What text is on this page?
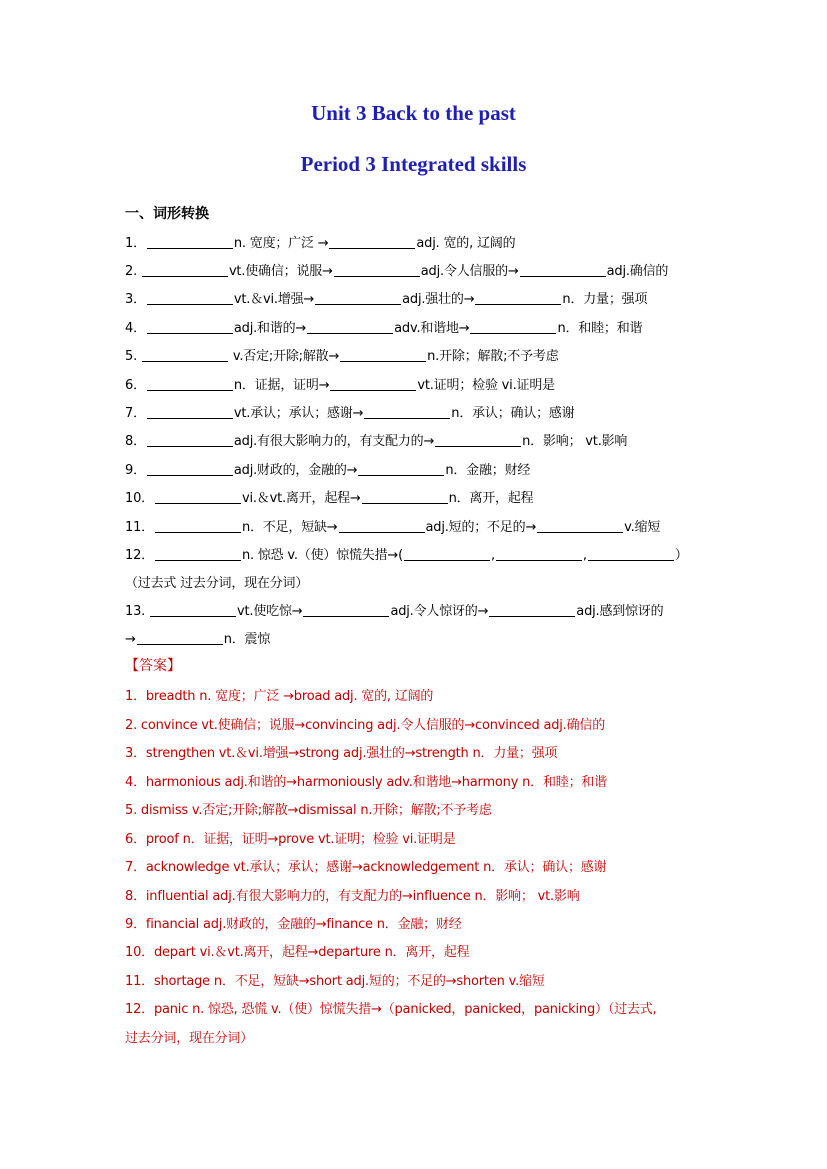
Unit 3 Back to the past
Period 3 Integrated skills
一、词形转换
1．	n. 宽度；广泛 →	adj. 宽的, 辽阔的
2.	vt.使确信；说服→	adj.令人信服的→	adj.确信的
3．	vt.＆vi.增强→	adj.强壮的→	n．力量；强项
4．	adj.和谐的→	adv.和谐地→	n．和睦；和谐
5.	v.否定;开除;解散→	n.开除；解散;不予考虑
6．	n．证据，证明→	vt.证明；检验 vi.证明是
7．	vt.承认；承认；感谢→	n．承认；确认；感谢
8．	adj.有很大影响力的，有支配力的→	n．影响； vt.影响
9．	adj.财政的，金融的→	n．金融；财经
10．	vi.＆vt.离开，起程→	n．离开，起程
11．	n．不足，短缺→	adj.短的；不足的→	v.缩短
12．	n. 惊恐 v.（使）惊慌失措→(	,	,	）
（过去式 过去分词，现在分词）
13.	vt.使吃惊→	adj.令人惊讶的→	adj.感到惊讶的
→	n．震惊
【答案】
1．breadth n. 宽度；广泛 →broad adj. 宽的, 辽阔的
2. convince vt.使确信；说服→convincing adj.令人信服的→convinced adj.确信的
3．strengthen vt.＆vi.增强→strong adj.强壮的→strength n．力量；强项
4．harmonious adj.和谐的→harmoniously adv.和谐地→harmony n．和睦；和谐
5. dismiss v.否定;开除;解散→dismissal n.开除；解散;不予考虑
6．proof n．证据，证明→prove vt.证明；检验 vi.证明是
7．acknowledge vt.承认；承认；感谢→acknowledgement n．承认；确认；感谢
8．influential adj.有很大影响力的，有支配力的→influence n．影响； vt.影响
9．financial adj.财政的，金融的→finance n．金融；财经
10．depart vi.＆vt.离开，起程→departure n．离开，起程
11．shortage n．不足，短缺→short adj.短的；不足的→shorten v.缩短
12．panic n. 惊恐, 恐慌 v.（使）惊慌失措→（panicked，panicked，panicking）（过去式,
过去分词，现在分词）
